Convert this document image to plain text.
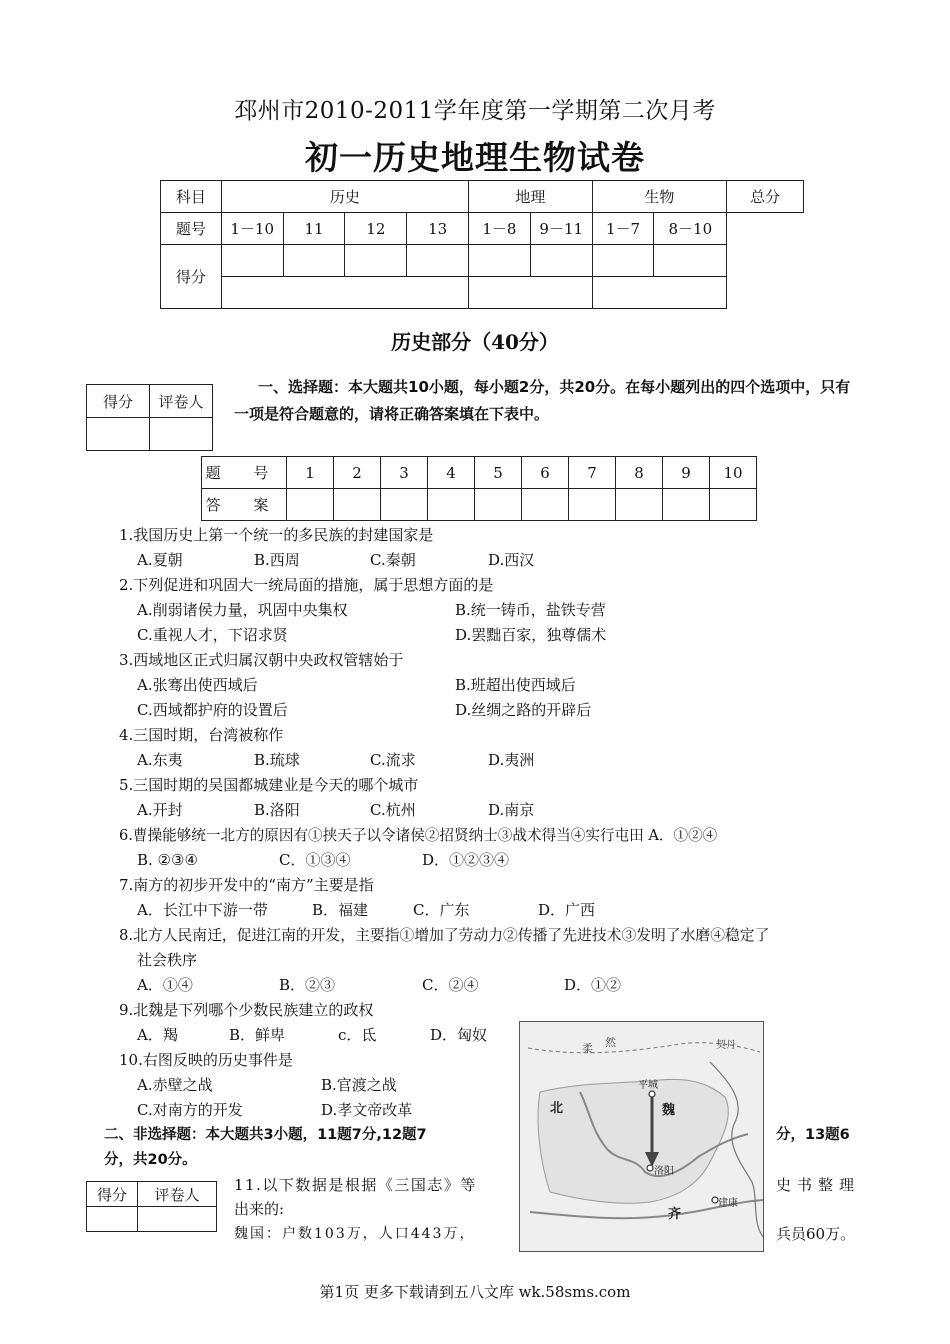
邳州市2010-2011学年度第一学期第二次月考
初一历史地理生物试卷
科目	历史				地理		生物		总分
题号	1－10	11	12	13	1－8	9－11	1－7	8－10	
得分									

历史部分（40分）
得分	评卷人

一、选择题：本大题共10小题，每小题2分，共20分。在每小题列出的四个选项中，只有一项是符合题意的，请将正确答案填在下表中。
题 号	1	2	3	4	5	6	7	8	9	10
答 案										
1.我国历史上第一个统一的多民族的封建国家是
A.夏朝	B.西周	C.秦朝	D.西汉
2.下列促进和巩固大一统局面的措施，属于思想方面的是
A.削弱诸侯力量，巩固中央集权	B.统一铸币，盐铁专营
C.重视人才，下诏求贤	D.罢黜百家，独尊儒术
3.西域地区正式归属汉朝中央政权管辖始于
A.张骞出使西域后	B.班超出使西域后
C.西域都护府的设置后	D.丝绸之路的开辟后
4.三国时期，台湾被称作
A.东夷	B.琉球	C.流求	D.夷洲
5.三国时期的吴国都城建业是今天的哪个城市
A.开封	B.洛阳	C.杭州	D.南京
6.曹操能够统一北方的原因有①挟天子以令诸侯②招贤纳士③战术得当④实行屯田 A．①②④
B. ②③④	C．①③④	D．①②③④
7.南方的初步开发中的“南方”主要是指
A．长江中下游一带	B．福建	C．广东	D．广西
8.北方人民南迁，促进江南的开发，主要指①增加了劳动力②传播了先进技术③发明了水磨④稳定了
社会秩序
A．①④	B．②③	C．②④	D．①②
9.北魏是下列哪个少数民族建立的政权
A．羯	B．鲜卑	c．氐	D．匈奴
10.右图反映的历史事件是
A.赤壁之战	B.官渡之战
C.对南方的开发	D.孝文帝改革
二、非选择题：本大题共3小题，11题7分,12题7	分，13题6
分，共20分。
得分	评卷人

11.以下数据是根据《三国志》等	史书整理
出来的:
魏国：户数103万，人口443万，	兵员60万。
柔 然	契丹
北	魏
平城
洛阳
齐
建康
第1页 更多下载请到五八文库 wk.58sms.com
